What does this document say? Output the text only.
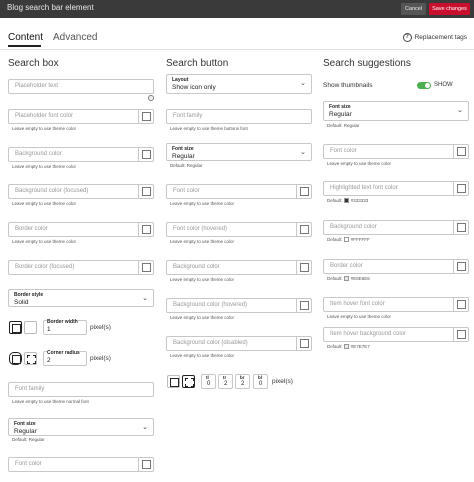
Blog search bar element	Cancel	Save changes
Content Advanced	? Replacement tags
Search box
Placeholder text
i
Placeholder font color
Leave empty to use theme color
Background color
Leave empty to use theme color
Background color (focused)
Leave empty to use theme color
Border color
Leave empty to use theme color
Border color (focused)
Border style
Solid
⌄
Border width
1	pixel(s)
Corner radius
2	pixel(s)
Font family
Leave empty to use theme normal font
Font size
Regular
⌄
Default: Regular
Font color
Search button
Layout
Show icon only
⌄
Font family
Leave empty to use theme buttons font
Font size
Regular
⌄
Default: Regular
Font color
Leave empty to use theme color
Font color (hovered)
Leave empty to use theme color
Background color
Leave empty to use theme color
Background color (hovered)
Leave empty to use theme color
Background color (disabled)
Leave empty to use theme color
tl
0
tr
2
br
2
bl
0 pixel(s)
Search suggestions
Show thumbnails	SHOW
Font size
Regular
⌄
Default: Regular
Font color
Leave empty to use theme color
Highlighted text font color
Default: #333333
Background color
Default: #FFFFFF
Border color
Default: #E6E6E6
Item hover font color
Leave empty to use theme color
Item hover background color
Default: #E7E7E7
